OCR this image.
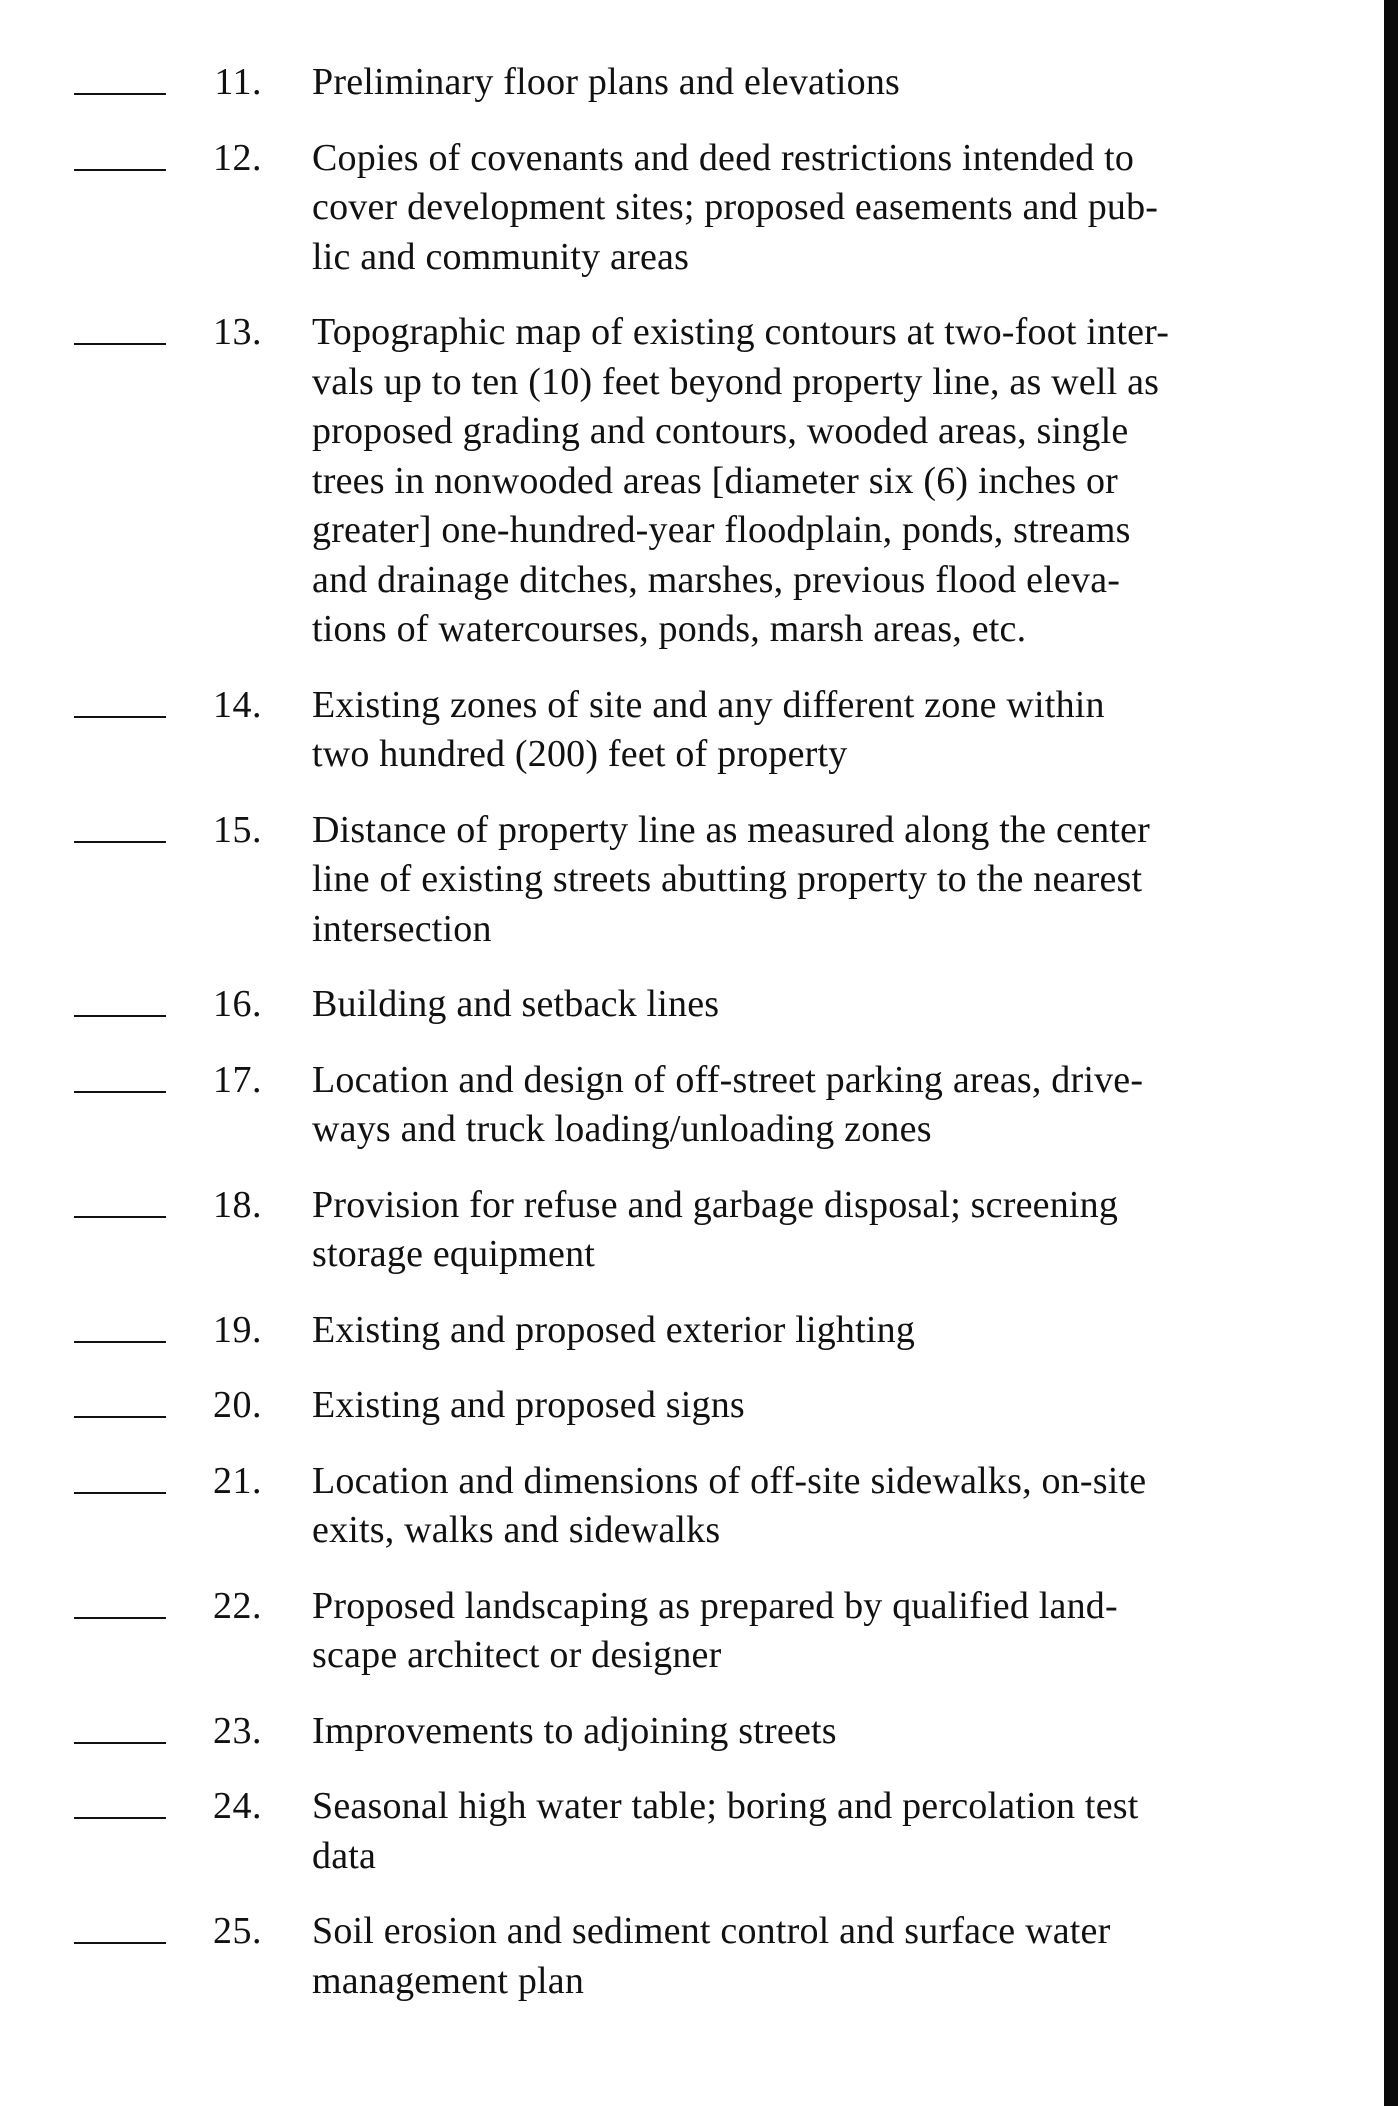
11. Preliminary floor plans and elevations
12. Copies of covenants and deed restrictions intended to
cover development sites; proposed easements and pub-
lic and community areas
13. Topographic map of existing contours at two-foot inter-
vals up to ten (10) feet beyond property line, as well as
proposed grading and contours, wooded areas, single
trees in nonwooded areas [diameter six (6) inches or
greater] one-hundred-year floodplain, ponds, streams
and drainage ditches, marshes, previous flood eleva-
tions of watercourses, ponds, marsh areas, etc.
14. Existing zones of site and any different zone within
two hundred (200) feet of property
15. Distance of property line as measured along the center
line of existing streets abutting property to the nearest
intersection
16. Building and setback lines
17. Location and design of off-street parking areas, drive-
ways and truck loading/unloading zones
18. Provision for refuse and garbage disposal; screening
storage equipment
19. Existing and proposed exterior lighting
20. Existing and proposed signs
21. Location and dimensions of off-site sidewalks, on-site
exits, walks and sidewalks
22. Proposed landscaping as prepared by qualified land-
scape architect or designer
23. Improvements to adjoining streets
24. Seasonal high water table; boring and percolation test
data
25. Soil erosion and sediment control and surface water
management plan
